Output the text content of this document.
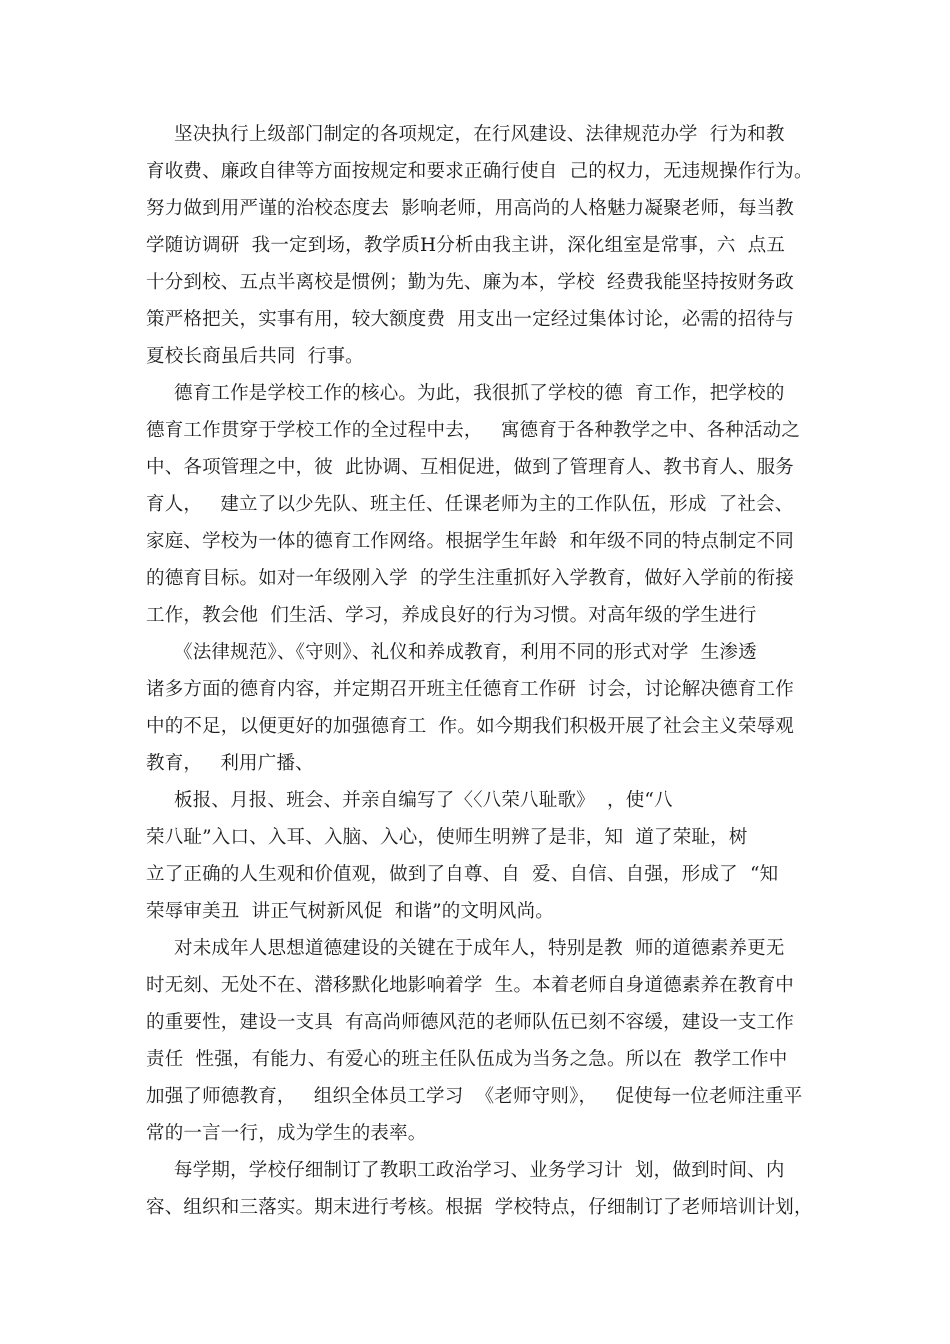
坚决执行上级部门制定的各项规定，在行风建设、法律规范办学  行为和教
育收费、廉政自律等方面按规定和要求正确行使自  己的权力，无违规操作行为。
努力做到用严谨的治校态度去  影响老师，用高尚的人格魅力凝聚老师，每当教
学随访调研  我一定到场，教学质Η分析由我主讲，深化组室是常事，六  点五
十分到校、五点半离校是惯例；勤为先、廉为本，学校  经费我能坚持按财务政
策严格把关，实事有用，较大额度费  用支出一定经过集体讨论，必需的招待与
夏校长商虽后共同  行事。
德育工作是学校工作的核心。为此，我很抓了学校的德  育工作，把学校的
德育工作贯穿于学校工作的全过程中去，   寓德育于各种教学之中、各种活动之
中、各项管理之中，彼  此协调、互相促进，做到了管理育人、教书育人、服务
育人，   建立了以少先队、班主任、任课老师为主的工作队伍，形成  了社会、
家庭、学校为一体的德育工作网络。根据学生年龄  和年级不同的特点制定不同
的德育目标。如对一年级刚入学  的学生注重抓好入学教育，做好入学前的衔接
工作，教会他  们生活、学习，养成良好的行为习惯。对高年级的学生进行
《法律规范》、《守则》、礼仪和养成教育，利用不同的形式对学  生渗透
诸多方面的德育内容，并定期召开班主任德育工作研  讨会，讨论解决德育工作
中的不足，以便更好的加强德育工  作。如今期我们积极开展了社会主义荣辱观
教育，   利用广播、
板报、月报、班会、并亲自编写了〈〈八荣八耻歌》  ，使“八
荣八耻”入口、入耳、入脑、入心，使师生明辨了是非，知  道了荣耻，树
立了正确的人生观和价值观，做到了自尊、自  爱、自信、自强，形成了  “知
荣辱审美丑  讲正气树新风促  和谐”的文明风尚。
对未成年人思想道德建设的关键在于成年人，特别是教  师的道德素养更无
时无刻、无处不在、潜移默化地影响着学  生。本着老师自身道德素养在教育中
的重要性，建设一支具  有高尚师德风范的老师队伍已刻不容缓，建设一支工作
责任  性强，有能力、有爱心的班主任队伍成为当务之急。所以在  教学工作中
加强了师德教育，   组织全体员工学习  《老师守则》，   促使每一位老师注重平
常的一言一行，成为学生的表率。
每学期，学校仔细制订了教职工政治学习、业务学习计  划，做到时间、内
容、组织和三落实。期末进行考核。根据  学校特点，仔细制订了老师培训计划，
